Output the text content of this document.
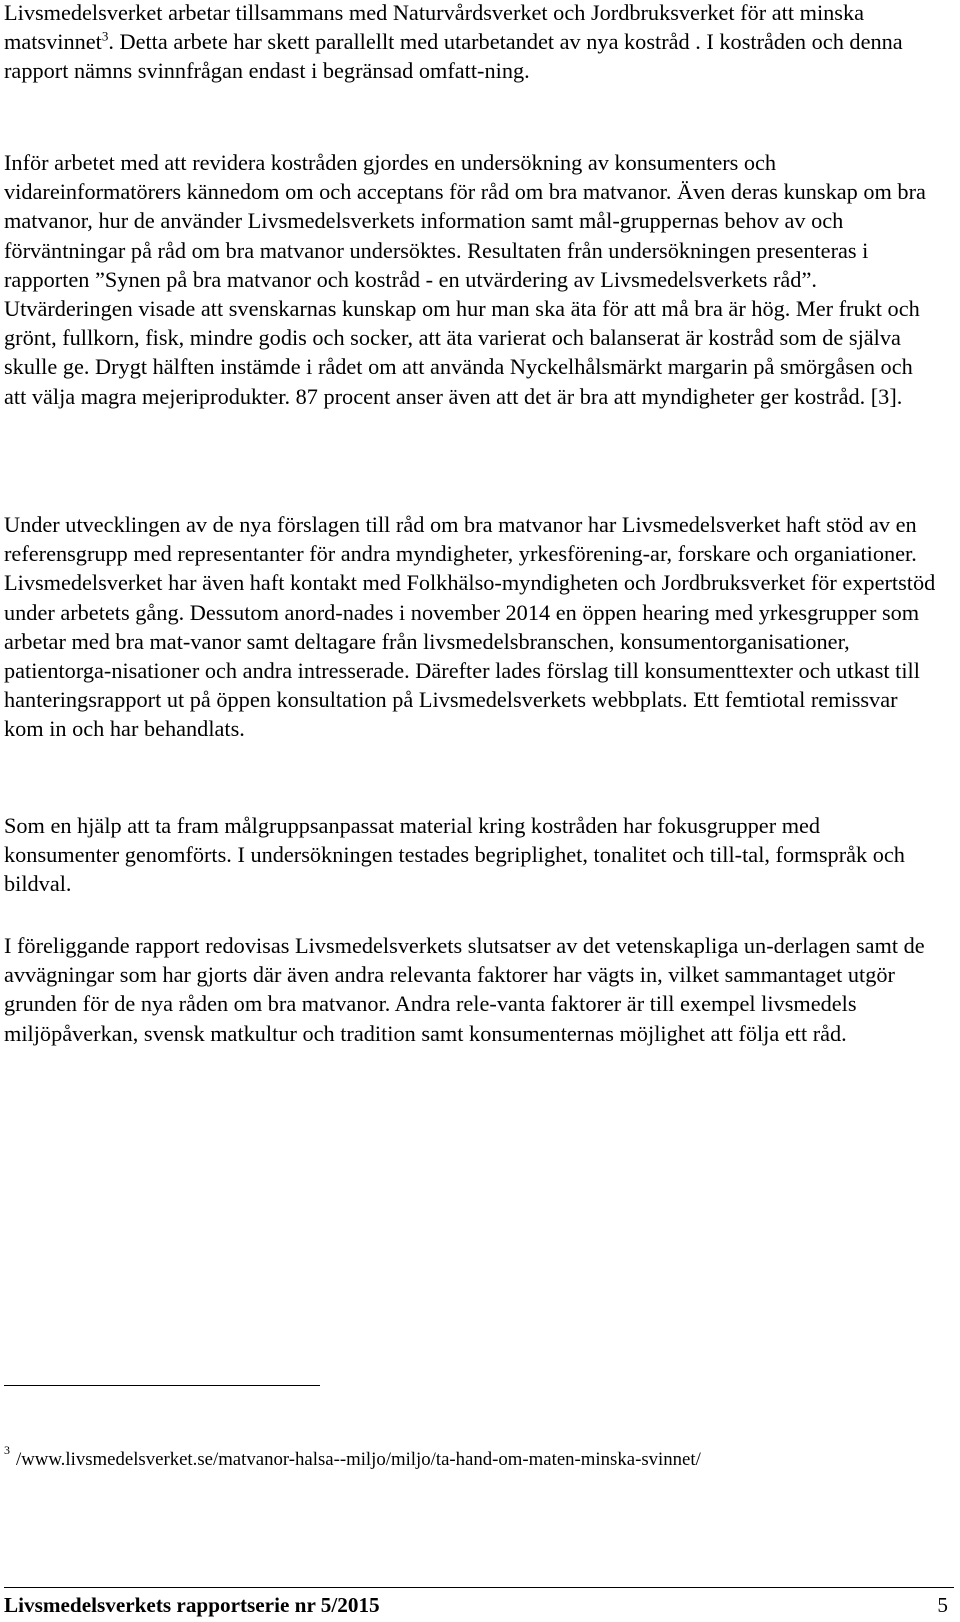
Livsmedelsverket arbetar tillsammans med Naturvårdsverket och Jordbruksverket för att minska matsvinnet$^3$. Detta arbete har skett parallellt med utarbetandet av nya kostråd . I kostråden och denna rapport nämns svinnfrågan endast i begränsad omfatt-ning.

Inför arbetet med att revidera kostråden gjordes en undersökning av konsumenters och vidareinformatörers kännedom om och acceptans för råd om bra matvanor. Även deras kunskap om bra matvanor, hur de använder Livsmedelsverkets information samt mål-gruppernas behov av och förväntningar på råd om bra matvanor undersöktes. Resultaten från undersökningen presenteras i rapporten ”Synen på bra matvanor och kostråd - en utvärdering av Livsmedelsverkets råd”. Utvärderingen visade att svenskarnas kunskap om hur man ska äta för att må bra är hög. Mer frukt och grönt, fullkorn, fisk, mindre godis och socker, att äta varierat och balanserat är kostråd som de själva skulle ge. Drygt hälften instämde i rådet om att använda Nyckelhålsmärkt margarin på smörgåsen och att välja magra mejeriprodukter. 87 procent anser även att det är bra att myndigheter ger kostråd. [3].

Under utvecklingen av de nya förslagen till råd om bra matvanor har Livsmedelsverket haft stöd av en referensgrupp med representanter för andra myndigheter, yrkesförening-ar, forskare och organiationer. Livsmedelsverket har även haft kontakt med Folkhälso-myndigheten och Jordbruksverket för expertstöd under arbetets gång. Dessutom anord-nades i november 2014 en öppen hearing med yrkesgrupper som arbetar med bra mat-vanor samt deltagare från livsmedelsbranschen, konsumentorganisationer, patientorga-nisationer och andra intresserade. Därefter lades förslag till konsumenttexter och utkast till hanteringsrapport ut på öppen konsultation på Livsmedelsverkets webbplats. Ett femtiotal remissvar kom in och har behandlats.

Som en hjälp att ta fram målgruppsanpassat material kring kostråden har fokusgrupper med konsumenter genomförts. I undersökningen testades begriplighet, tonalitet och till-tal, formspråk och bildval.

I föreliggande rapport redovisas Livsmedelsverkets slutsatser av det vetenskapliga un-derlagen samt de avvägningar som har gjorts där även andra relevanta faktorer har vägts in, vilket sammantaget utgör grunden för de nya råden om bra matvanor. Andra rele-vanta faktorer är till exempel livsmedels miljöpåverkan, svensk matkultur och tradition samt konsumenternas möjlighet att följa ett råd.

$^3$ /www.livsmedelsverket.se/matvanor-halsa--miljo/miljo/ta-hand-om-maten-minska-svinnet/
Livsmedelsverkets rapportserie nr 5/2015	5
